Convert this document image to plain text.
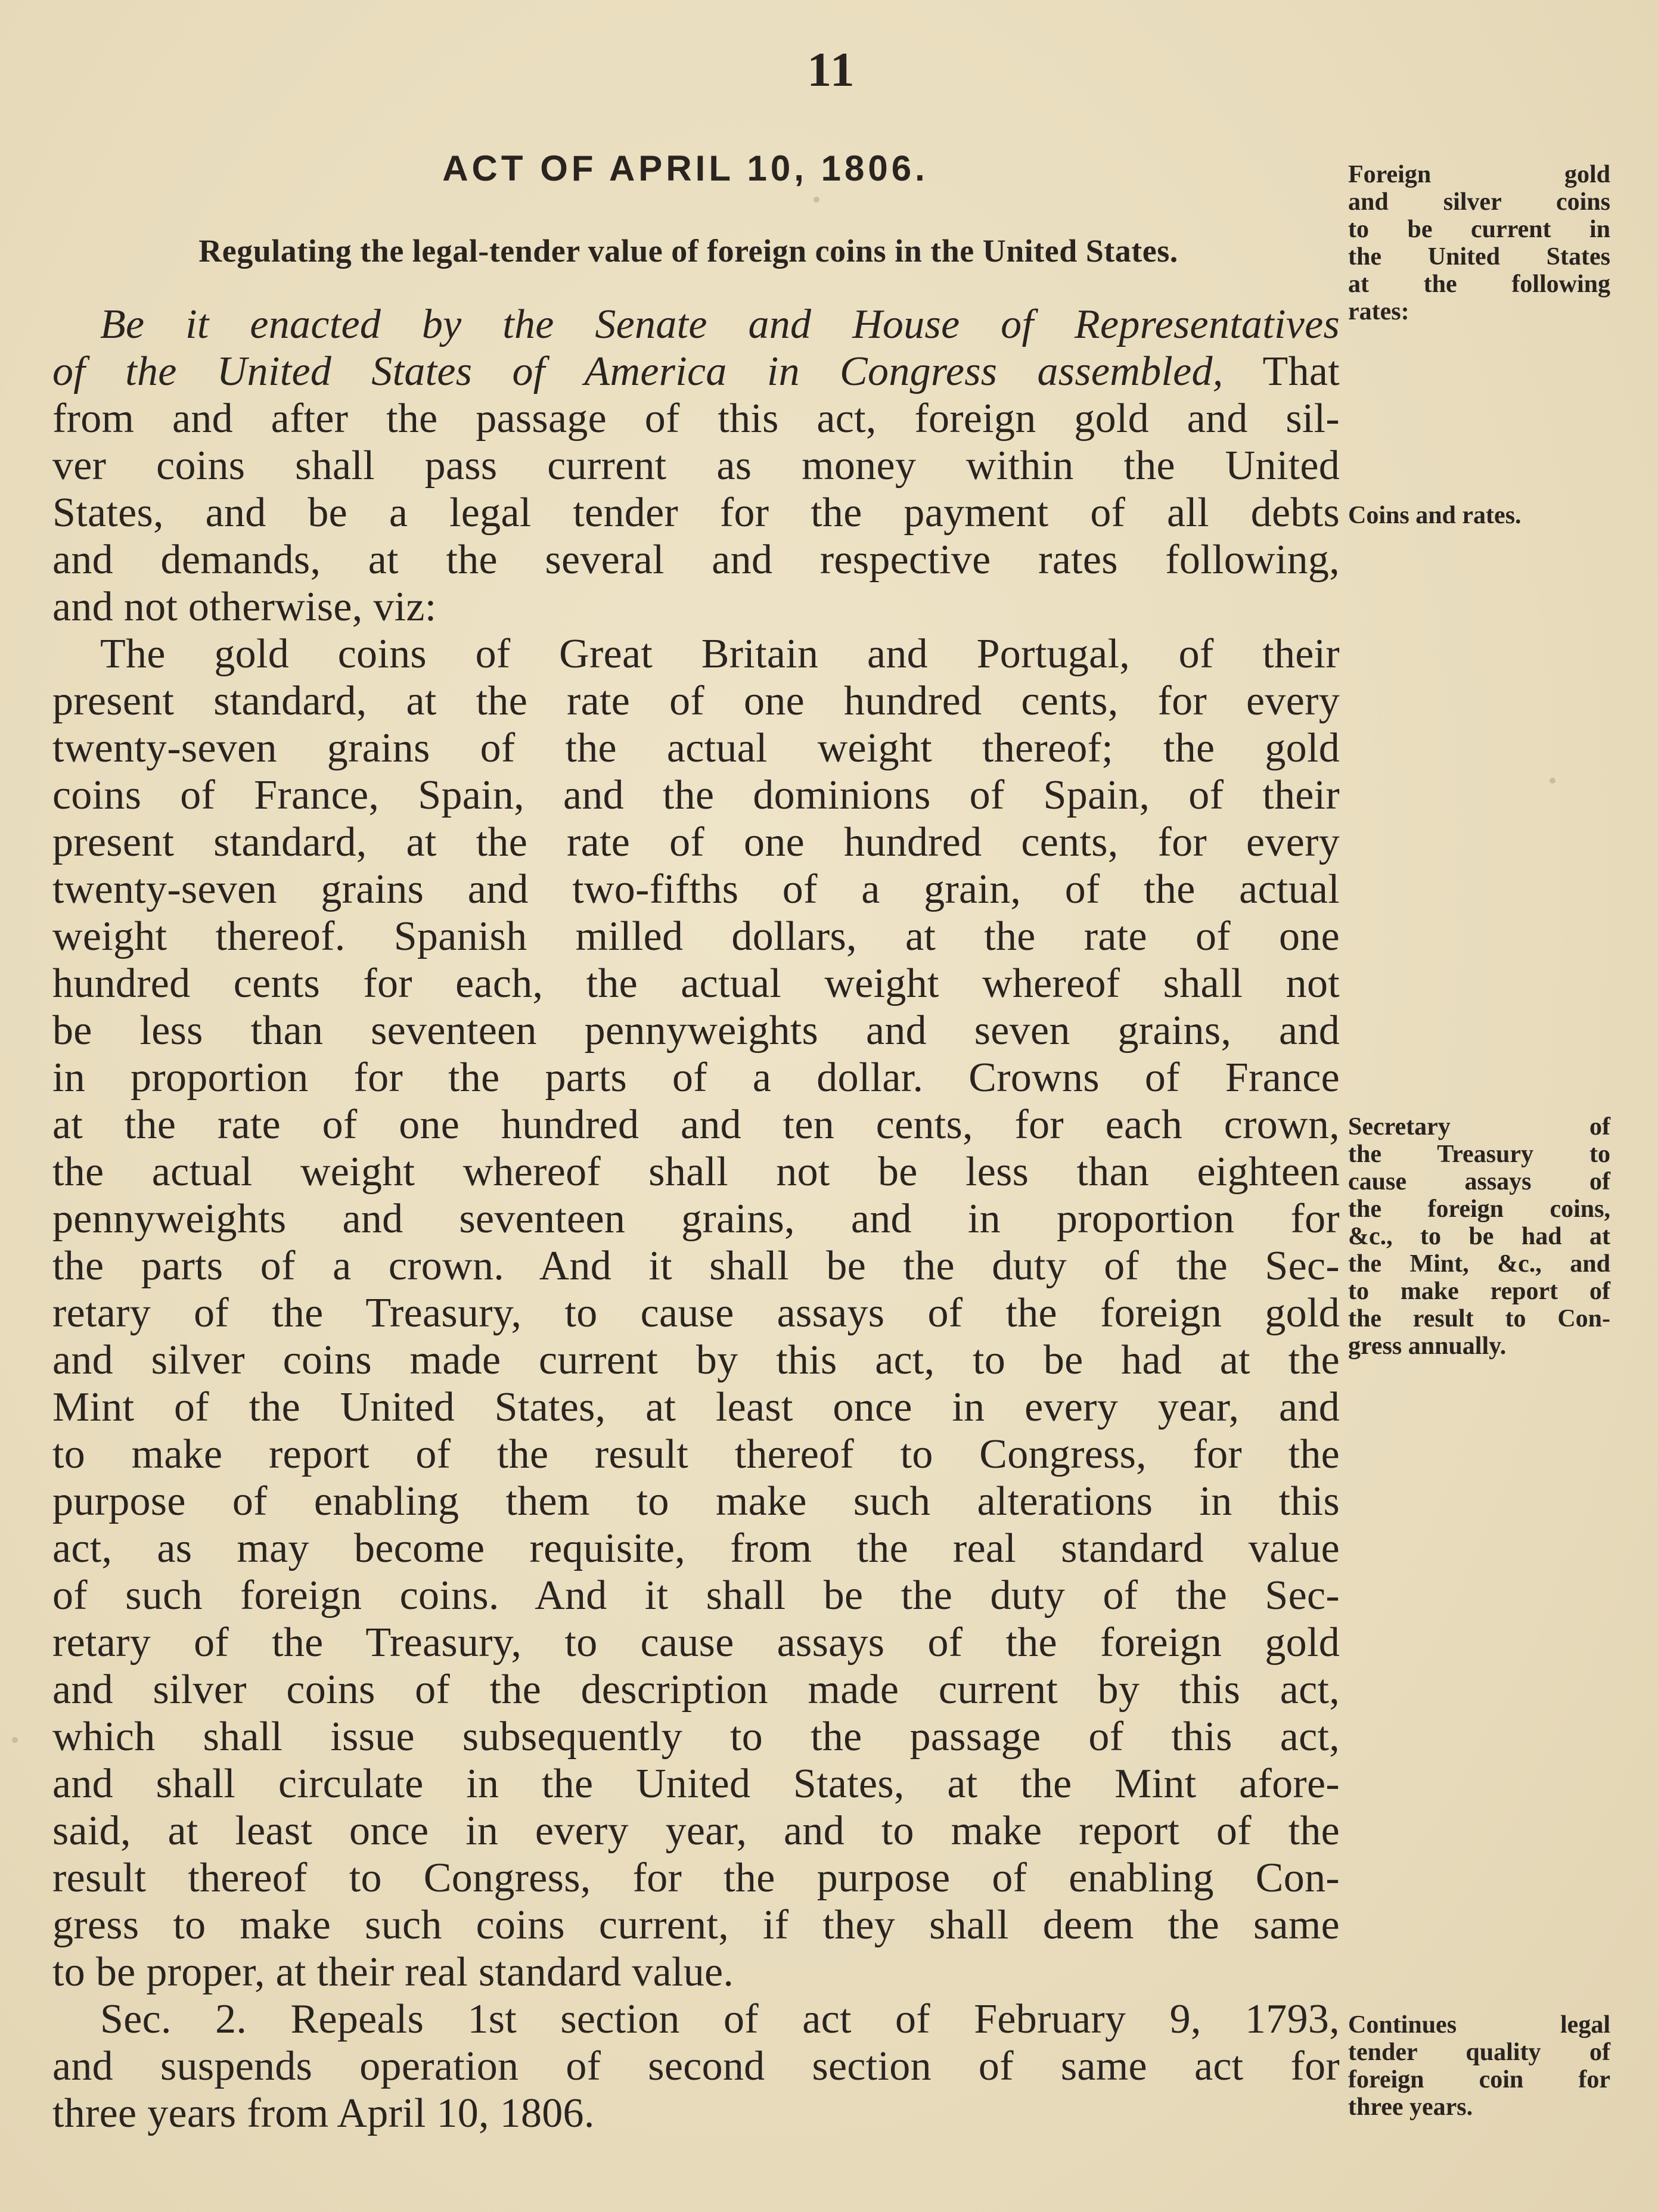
11
ACT OF APRIL 10, 1806.
Regulating the legal-tender value of foreign coins in the United States.
Be it enacted by the Senate and House of Representatives
of the United States of America in Congress assembled, That
from and after the passage of this act, foreign gold and sil-
ver coins shall pass current as money within the United
States, and be a legal tender for the payment of all debts
and demands, at the several and respective rates following,
and not otherwise, viz:
The gold coins of Great Britain and Portugal, of their
present standard, at the rate of one hundred cents, for every
twenty-seven grains of the actual weight thereof; the gold
coins of France, Spain, and the dominions of Spain, of their
present standard, at the rate of one hundred cents, for every
twenty-seven grains and two-fifths of a grain, of the actual
weight thereof. Spanish milled dollars, at the rate of one
hundred cents for each, the actual weight whereof shall not
be less than seventeen pennyweights and seven grains, and
in proportion for the parts of a dollar. Crowns of France
at the rate of one hundred and ten cents, for each crown,
the actual weight whereof shall not be less than eighteen
pennyweights and seventeen grains, and in proportion for
the parts of a crown. And it shall be the duty of the Sec-
retary of the Treasury, to cause assays of the foreign gold
and silver coins made current by this act, to be had at the
Mint of the United States, at least once in every year, and
to make report of the result thereof to Congress, for the
purpose of enabling them to make such alterations in this
act, as may become requisite, from the real standard value
of such foreign coins. And it shall be the duty of the Sec-
retary of the Treasury, to cause assays of the foreign gold
and silver coins of the description made current by this act,
which shall issue subsequently to the passage of this act,
and shall circulate in the United States, at the Mint afore-
said, at least once in every year, and to make report of the
result thereof to Congress, for the purpose of enabling Con-
gress to make such coins current, if they shall deem the same
to be proper, at their real standard value.
Sec. 2. Repeals 1st section of act of February 9, 1793,
and suspends operation of second section of same act for
three years from April 10, 1806.
Foreign gold
and silver coins
to be current in
the United States
at the following
rates:
Coins and rates.
Secretary of
the Treasury to
cause assays of
the foreign coins,
&c., to be had at
the Mint, &c., and
to make report of
the result to Con-
gress annually.
Continues legal
tender quality of
foreign coin for
three years.
